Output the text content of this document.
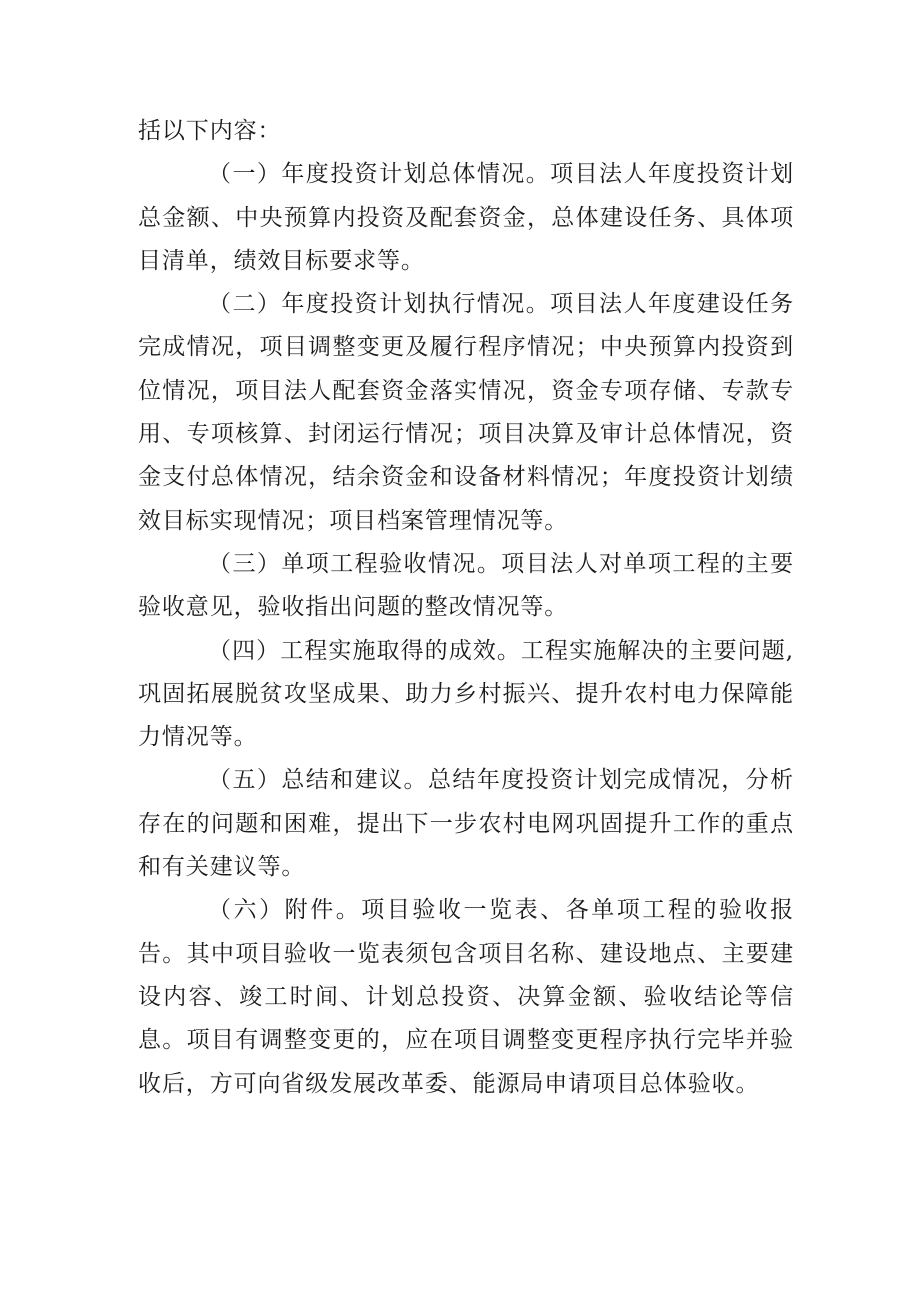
括以下内容：

（一）年度投资计划总体情况。项目法人年度投资计划总金额、中央预算内投资及配套资金，总体建设任务、具体项目清单，绩效目标要求等。

（二）年度投资计划执行情况。项目法人年度建设任务完成情况，项目调整变更及履行程序情况；中央预算内投资到位情况，项目法人配套资金落实情况，资金专项存储、专款专用、专项核算、封闭运行情况；项目决算及审计总体情况，资金支付总体情况，结余资金和设备材料情况；年度投资计划绩效目标实现情况；项目档案管理情况等。

（三）单项工程验收情况。项目法人对单项工程的主要验收意见，验收指出问题的整改情况等。

（四）工程实施取得的成效。工程实施解决的主要问题,巩固拓展脱贫攻坚成果、助力乡村振兴、提升农村电力保障能力情况等。

（五）总结和建议。总结年度投资计划完成情况，分析存在的问题和困难，提出下一步农村电网巩固提升工作的重点和有关建议等。

（六）附件。项目验收一览表、各单项工程的验收报告。其中项目验收一览表须包含项目名称、建设地点、主要建设内容、竣工时间、计划总投资、决算金额、验收结论等信息。项目有调整变更的，应在项目调整变更程序执行完毕并验收后，方可向省级发展改革委、能源局申请项目总体验收。
